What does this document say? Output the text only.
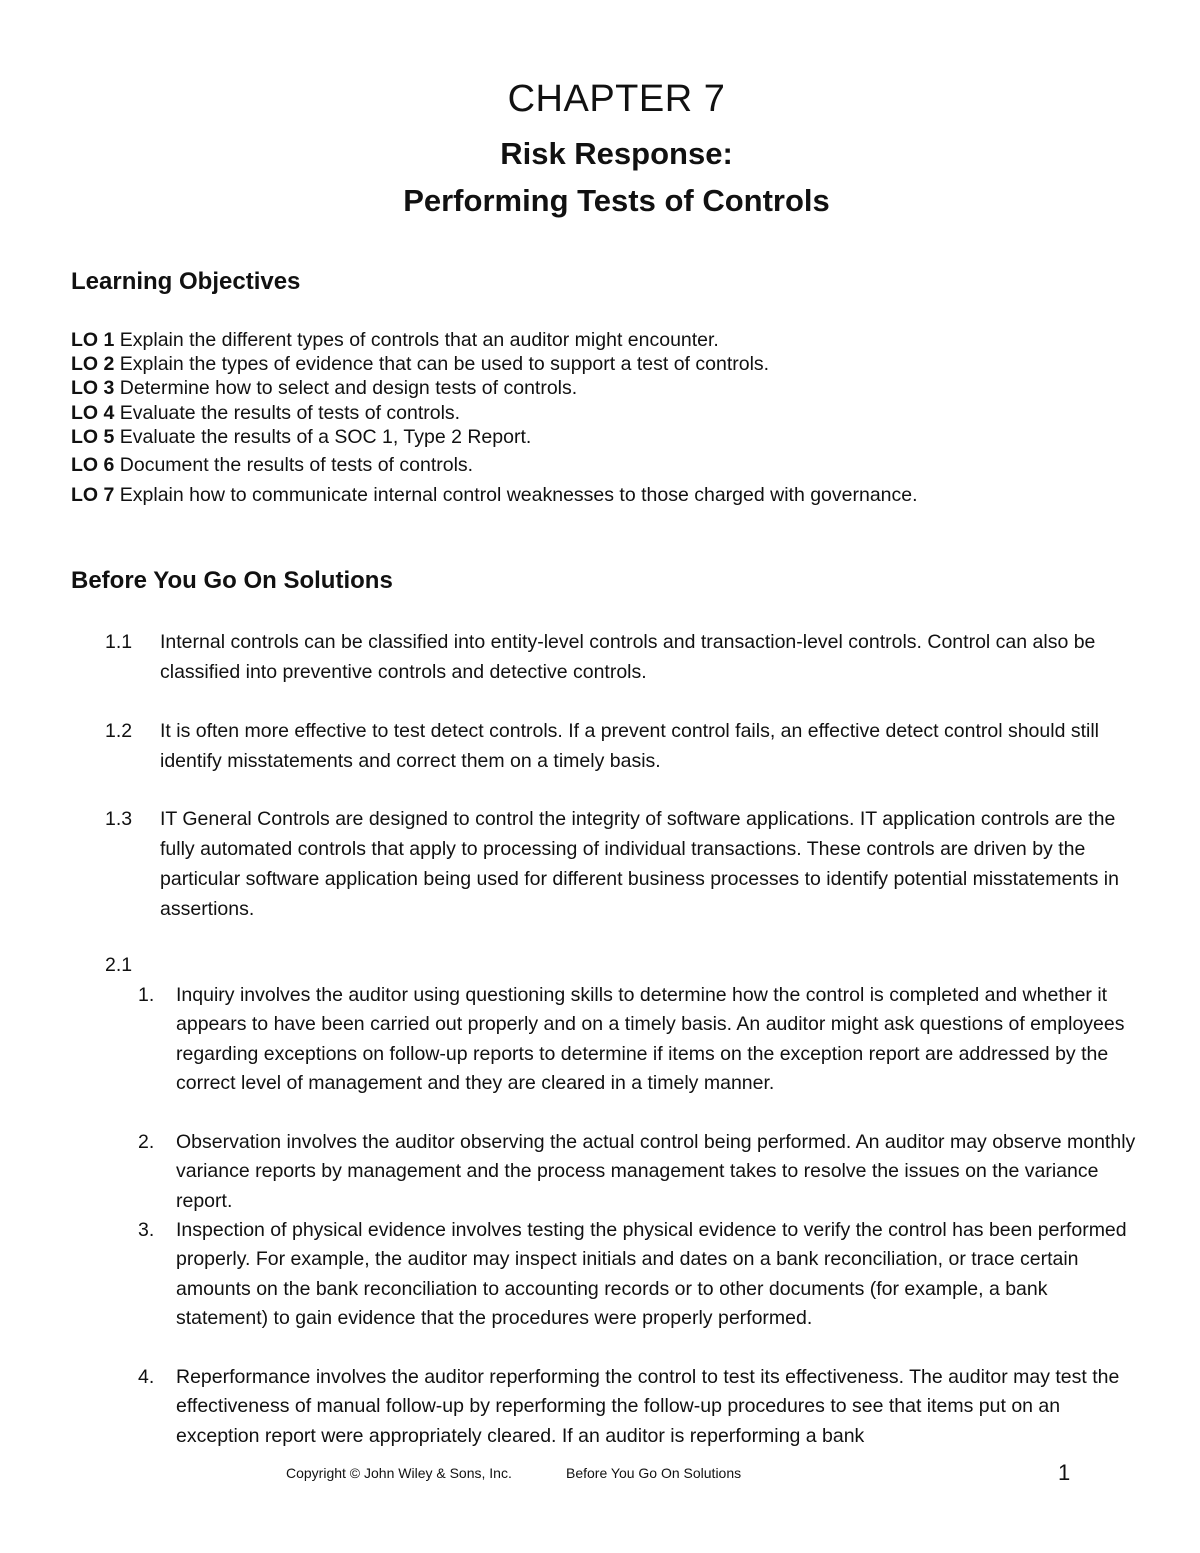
CHAPTER 7
Risk Response:
Performing Tests of Controls
Learning Objectives
LO 1 Explain the different types of controls that an auditor might encounter.
LO 2 Explain the types of evidence that can be used to support a test of controls.
LO 3 Determine how to select and design tests of controls.
LO 4 Evaluate the results of tests of controls.
LO 5 Evaluate the results of a SOC 1, Type 2 Report.
LO 6 Document the results of tests of controls.
LO 7 Explain how to communicate internal control weaknesses to those charged with governance.
Before You Go On Solutions
1.1 Internal controls can be classified into entity-level controls and transaction-level controls. Control can also be classified into preventive controls and detective controls.
1.2 It is often more effective to test detect controls. If a prevent control fails, an effective detect control should still identify misstatements and correct them on a timely basis.
1.3 IT General Controls are designed to control the integrity of software applications. IT application controls are the fully automated controls that apply to processing of individual transactions. These controls are driven by the particular software application being used for different business processes to identify potential misstatements in assertions.
2.1
1. Inquiry involves the auditor using questioning skills to determine how the control is completed and whether it appears to have been carried out properly and on a timely basis. An auditor might ask questions of employees regarding exceptions on follow-up reports to determine if items on the exception report are addressed by the correct level of management and they are cleared in a timely manner.
2. Observation involves the auditor observing the actual control being performed. An auditor may observe monthly variance reports by management and the process management takes to resolve the issues on the variance report.
3. Inspection of physical evidence involves testing the physical evidence to verify the control has been performed properly. For example, the auditor may inspect initials and dates on a bank reconciliation, or trace certain amounts on the bank reconciliation to accounting records or to other documents (for example, a bank statement) to gain evidence that the procedures were properly performed.
4. Reperformance involves the auditor reperforming the control to test its effectiveness. The auditor may test the effectiveness of manual follow-up by reperforming the follow-up procedures to see that items put on an exception report were appropriately cleared. If an auditor is reperforming a bank
Copyright © John Wiley & Sons, Inc.	Before You Go On Solutions	1
